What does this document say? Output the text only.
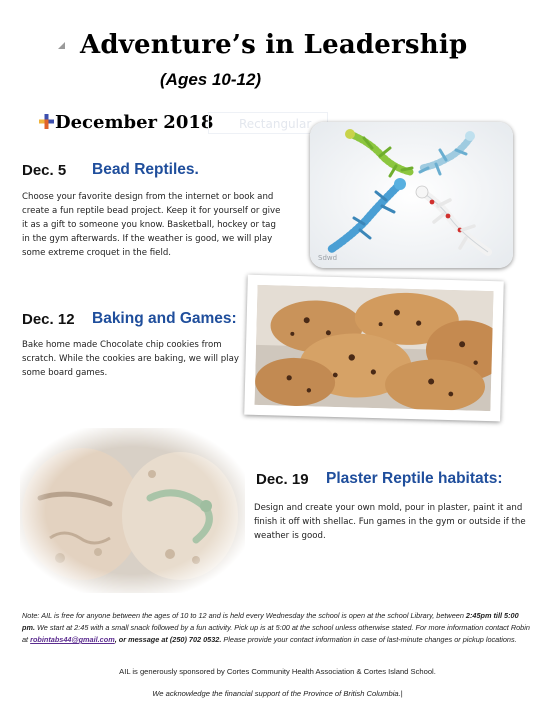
Adventure’s in Leadership
(Ages 10-12)
December 2018	Rectangular
Dec. 5 Bead Reptiles.
Choose your favorite design from the internet or book and create a fun reptile bead project. Keep it for yourself or give it as a gift to someone you know. Basketball, hockey or tag in the gym afterwards. If the weather is good, we will play some extreme croquet in the field.	Sdwd
Dec. 12 Baking and Games:
Bake home made Chocolate chip cookies from scratch. While the cookies are baking, we will play some board games.
Dec. 19 Plaster Reptile habitats:
Design and create your own mold, pour in plaster, paint it and finish it off with shellac. Fun games in the gym or outside if the weather is good.
Note: AIL is free for anyone between the ages of 10 to 12 and is held every Wednesday the school is open at the school Library, between 2:45pm till 5:00 pm. We start at 2:45 with a small snack followed by a fun activity. Pick up is at 5:00 at the school unless otherwise stated. For more information contact Robin at robintabs44@gmail.com, or message at (250) 702 0532. Please provide your contact information in case of last-minute changes or pickup locations.
AIL is generously sponsored by Cortes Community Health Association & Cortes Island School.
We acknowledge the financial support of the Province of British Columbia.|
